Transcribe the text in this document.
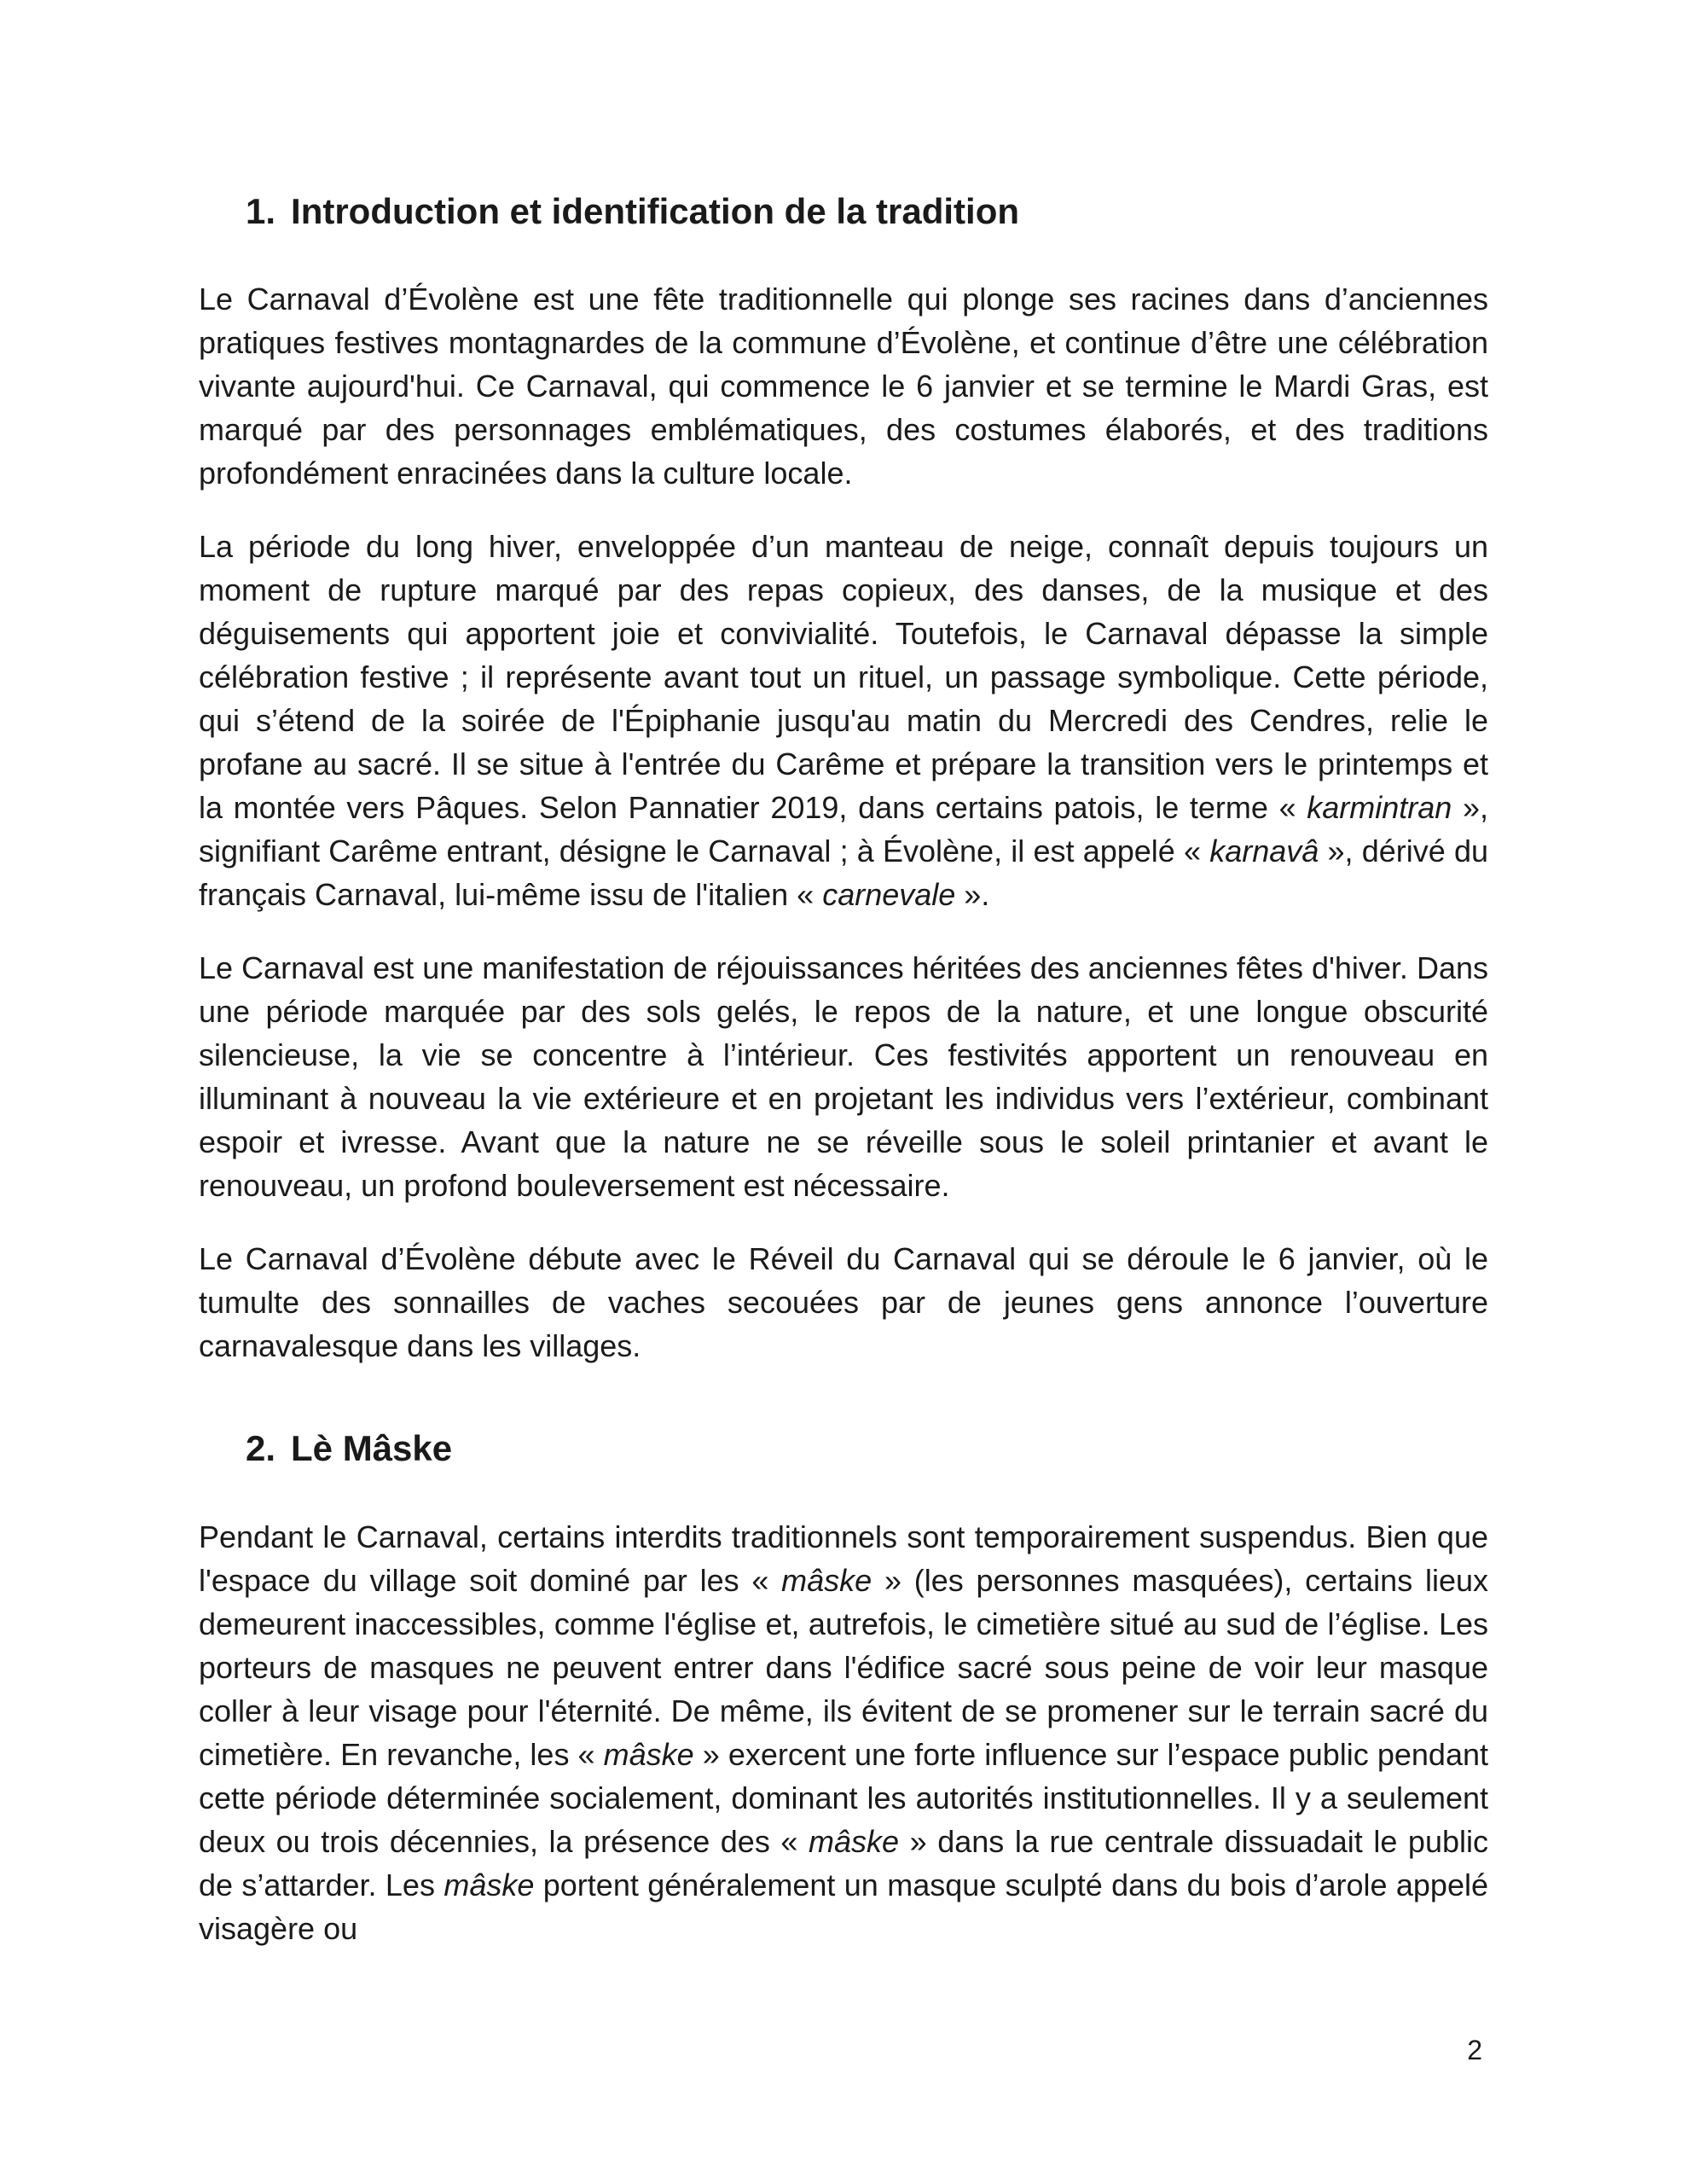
1. Introduction et identification de la tradition

Le Carnaval d’Évolène est une fête traditionnelle qui plonge ses racines dans d’anciennes pratiques festives montagnardes de la commune d’Évolène, et continue d’être une célébration vivante aujourd'hui. Ce Carnaval, qui commence le 6 janvier et se termine le Mardi Gras, est marqué par des personnages emblématiques, des costumes élaborés, et des traditions profondément enracinées dans la culture locale.

La période du long hiver, enveloppée d’un manteau de neige, connaît depuis toujours un moment de rupture marqué par des repas copieux, des danses, de la musique et des déguisements qui apportent joie et convivialité. Toutefois, le Carnaval dépasse la simple célébration festive ; il représente avant tout un rituel, un passage symbolique. Cette période, qui s’étend de la soirée de l'Épiphanie jusqu'au matin du Mercredi des Cendres, relie le profane au sacré. Il se situe à l'entrée du Carême et prépare la transition vers le printemps et la montée vers Pâques. Selon Pannatier 2019, dans certains patois, le terme « karmintran », signifiant Carême entrant, désigne le Carnaval ; à Évolène, il est appelé « karnavâ », dérivé du français Carnaval, lui-même issu de l'italien « carnevale ».

Le Carnaval est une manifestation de réjouissances héritées des anciennes fêtes d'hiver. Dans une période marquée par des sols gelés, le repos de la nature, et une longue obscurité silencieuse, la vie se concentre à l’intérieur. Ces festivités apportent un renouveau en illuminant à nouveau la vie extérieure et en projetant les individus vers l’extérieur, combinant espoir et ivresse. Avant que la nature ne se réveille sous le soleil printanier et avant le renouveau, un profond bouleversement est nécessaire.

Le Carnaval d’Évolène débute avec le Réveil du Carnaval qui se déroule le 6 janvier, où le tumulte des sonnailles de vaches secouées par de jeunes gens annonce l’ouverture carnavalesque dans les villages.

2. Lè Mâske

Pendant le Carnaval, certains interdits traditionnels sont temporairement suspendus. Bien que l'espace du village soit dominé par les « mâske » (les personnes masquées), certains lieux demeurent inaccessibles, comme l'église et, autrefois, le cimetière situé au sud de l’église. Les porteurs de masques ne peuvent entrer dans l'édifice sacré sous peine de voir leur masque coller à leur visage pour l'éternité. De même, ils évitent de se promener sur le terrain sacré du cimetière. En revanche, les « mâske » exercent une forte influence sur l’espace public pendant cette période déterminée socialement, dominant les autorités institutionnelles. Il y a seulement deux ou trois décennies, la présence des « mâske » dans la rue centrale dissuadait le public de s’attarder. Les mâske portent généralement un masque sculpté dans du bois d’arole appelé visagère ou

2
